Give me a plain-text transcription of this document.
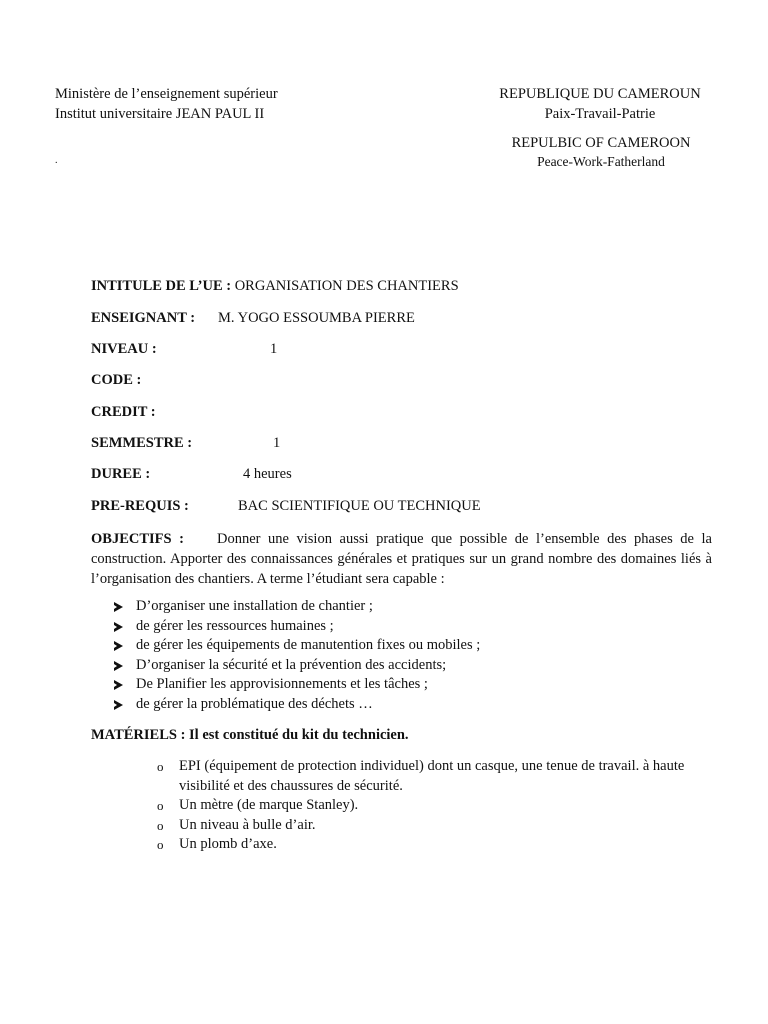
Ministère de l’enseignement supérieur
Institut universitaire JEAN PAUL II
.
REPUBLIQUE DU CAMEROUN
Paix-Travail-Patrie
REPULBIC OF CAMEROON
Peace-Work-Fatherland
INTITULE DE L’UE : ORGANISATION DES CHANTIERS
ENSEIGNANT : M. YOGO ESSOUMBA PIERRE
NIVEAU :	1
CODE :
CREDIT :
SEMMESTRE :	1
DUREE :	4 heures
PRE-REQUIS :	BAC SCIENTIFIQUE OU TECHNIQUE
OBJECTIFS : Donner une vision aussi pratique que possible de l’ensemble des phases de la construction. Apporter des connaissances générales et pratiques sur un grand nombre des domaines liés à l’organisation des chantiers. A terme l’étudiant sera capable :
D’organiser une installation de chantier ;
de gérer les ressources humaines ;
de gérer les équipements de manutention fixes ou mobiles ;
D’organiser la sécurité et la prévention des accidents;
De Planifier les approvisionnements et les tâches ;
de gérer la problématique des déchets …
MATÉRIELS : Il est constitué du kit du technicien.
o EPI (équipement de protection individuel) dont un casque, une tenue de travail. à haute visibilité et des chaussures de sécurité.
o Un mètre (de marque Stanley).
o Un niveau à bulle d’air.
o Un plomb d’axe.
